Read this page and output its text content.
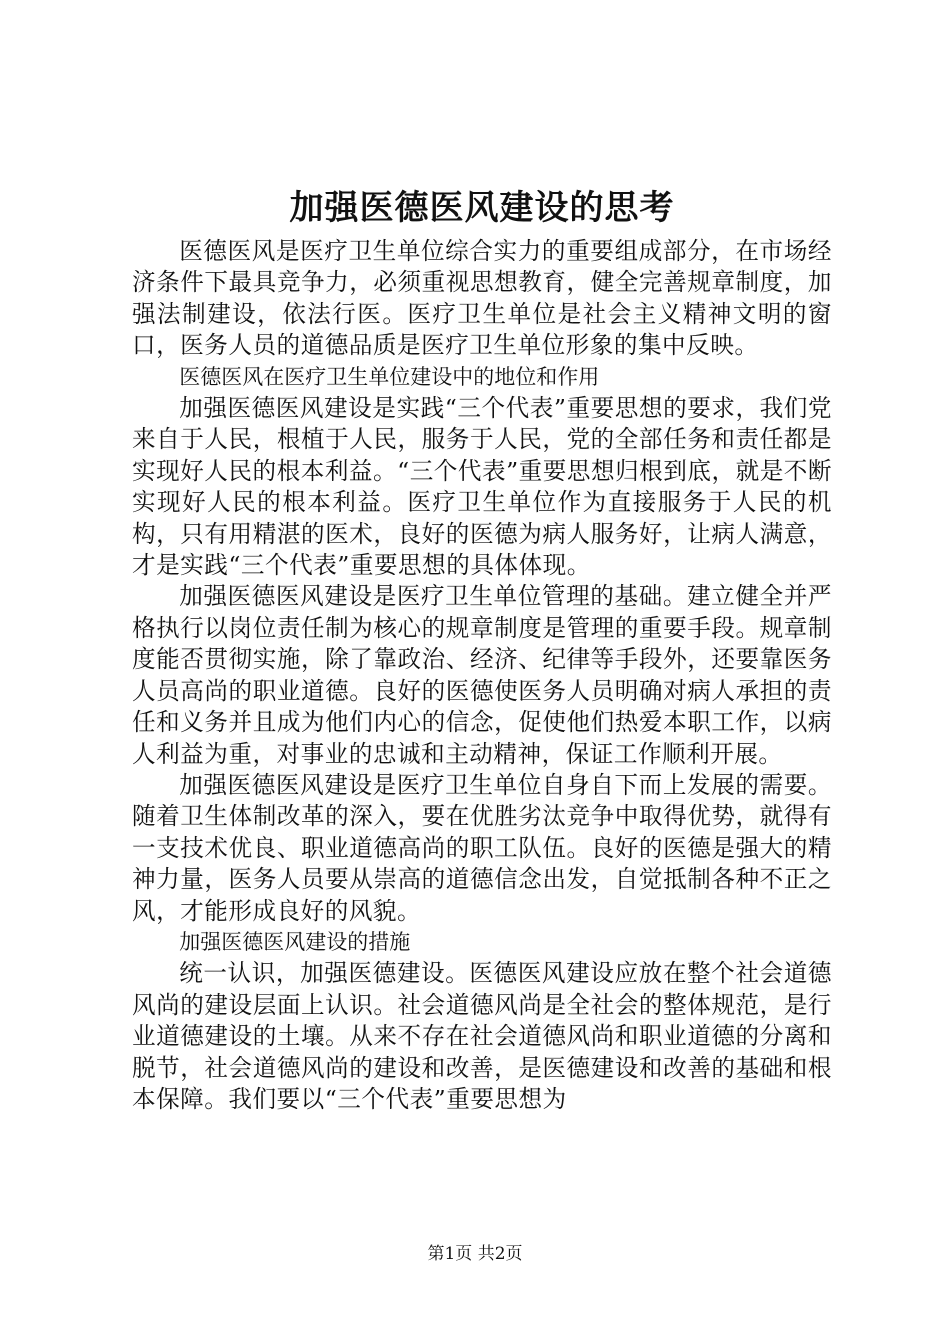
加强医德医风建设的思考

医德医风是医疗卫生单位综合实力的重要组成部分，在市场经济条件下最具竞争力，必须重视思想教育，健全完善规章制度，加强法制建设，依法行医。医疗卫生单位是社会主义精神文明的窗口，医务人员的道德品质是医疗卫生单位形象的集中反映。

医德医风在医疗卫生单位建设中的地位和作用

加强医德医风建设是实践“三个代表”重要思想的要求，我们党来自于人民，根植于人民，服务于人民，党的全部任务和责任都是实现好人民的根本利益。“三个代表”重要思想归根到底，就是不断实现好人民的根本利益。医疗卫生单位作为直接服务于人民的机构，只有用精湛的医术，良好的医德为病人服务好，让病人满意，才是实践“三个代表”重要思想的具体体现。

加强医德医风建设是医疗卫生单位管理的基础。建立健全并严格执行以岗位责任制为核心的规章制度是管理的重要手段。规章制度能否贯彻实施，除了靠政治、经济、纪律等手段外，还要靠医务人员高尚的职业道德。良好的医德使医务人员明确对病人承担的责任和义务并且成为他们内心的信念，促使他们热爱本职工作，以病人利益为重，对事业的忠诚和主动精神，保证工作顺利开展。

加强医德医风建设是医疗卫生单位自身自下而上发展的需要。随着卫生体制改革的深入，要在优胜劣汰竞争中取得优势，就得有一支技术优良、职业道德高尚的职工队伍。良好的医德是强大的精神力量，医务人员要从崇高的道德信念出发，自觉抵制各种不正之风，才能形成良好的风貌。

加强医德医风建设的措施

统一认识，加强医德建设。医德医风建设应放在整个社会道德风尚的建设层面上认识。社会道德风尚是全社会的整体规范，是行业道德建设的土壤。从来不存在社会道德风尚和职业道德的分离和脱节，社会道德风尚的建设和改善，是医德建设和改善的基础和根本保障。我们要以“三个代表”重要思想为

第1页 共2页
